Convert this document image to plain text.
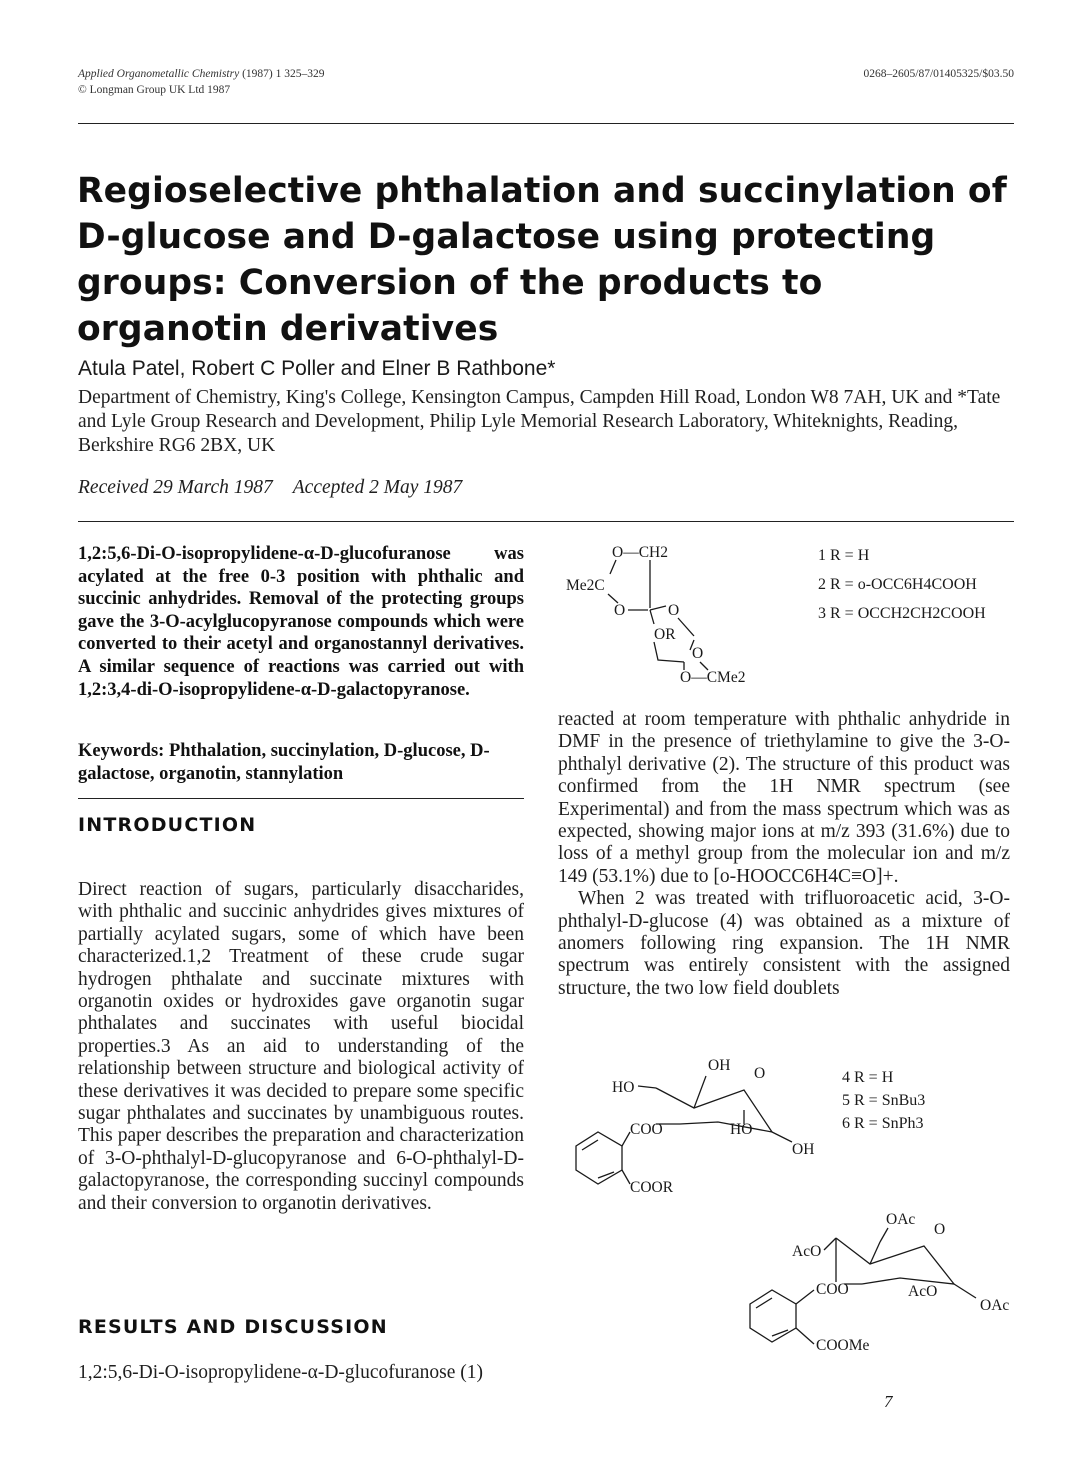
Applied Organometallic Chemistry (1987) 1 325–329
© Longman Group UK Ltd 1987
0268–2605/87/01405325/$03.50
Regioselective phthalation and succinylation of D-glucose and D-galactose using protecting groups: Conversion of the products to organotin derivatives
Atula Patel, Robert C Poller and Elner B Rathbone*
Department of Chemistry, King's College, Kensington Campus, Campden Hill Road, London W8 7AH, UK and *Tate and Lyle Group Research and Development, Philip Lyle Memorial Research Laboratory, Whiteknights, Reading, Berkshire RG6 2BX, UK
Received 29 March 1987 Accepted 2 May 1987
1,2:5,6-Di-O-isopropylidene-α-D-glucofuranose was acylated at the free 0-3 position with phthalic and succinic anhydrides. Removal of the protecting groups gave the 3-O-acylglucopyranose compounds which were converted to their acetyl and organostannyl derivatives. A similar sequence of reactions was carried out with 1,2:3,4-di-O-isopropylidene-α-D-galactopyranose.
Keywords: Phthalation, succinylation, D-glucose, D-galactose, organotin, stannylation
INTRODUCTION

Direct reaction of sugars, particularly disaccharides, with phthalic and succinic anhydrides gives mixtures of partially acylated sugars, some of which have been characterized.1,2 Treatment of these crude sugar hydrogen phthalate and succinate mixtures with organotin oxides or hydroxides gave organotin sugar phthalates and succinates with useful biocidal properties.3 As an aid to understanding of the relationship between structure and biological activity of these derivatives it was decided to prepare some specific sugar phthalates and succinates by unambiguous routes. This paper describes the preparation and characterization of 3-O-phthalyl-D-glucopyranose and 6-O-phthalyl-D-galactopyranose, the corresponding succinyl compounds and their conversion to organotin derivatives.

RESULTS AND DISCUSSION
1,2:5,6-Di-O-isopropylidene-α-D-glucofuranose (1)
O—CH2
Me2C
O	O
OR
O
O—CMe2
1 R = H
2 R = o-OCC6H4COOH
3 R = OCCH2CH2COOH

reacted at room temperature with phthalic anhydride in DMF in the presence of triethylamine to give the 3-O-phthalyl derivative (2). The structure of this product was confirmed from the 1H NMR spectrum (see Experimental) and from the mass spectrum which was as expected, showing major ions at m/z 393 (31.6%) due to loss of a methyl group from the molecular ion and m/z 149 (53.1%) due to [o-HOOCC6H4C≡O]+.

When 2 was treated with trifluoroacetic acid, 3-O-phthalyl-D-glucose (4) was obtained as a mixture of anomers following ring expansion. The 1H NMR spectrum was entirely consistent with the assigned structure, the two low field doublets

OH O
HO
COO	HO
OH
COOR
4 R = H
5 R = SnBu3
6 R = SnPh3
OAc
O
AcO
COO	AcO
OAc
COOMe
7
